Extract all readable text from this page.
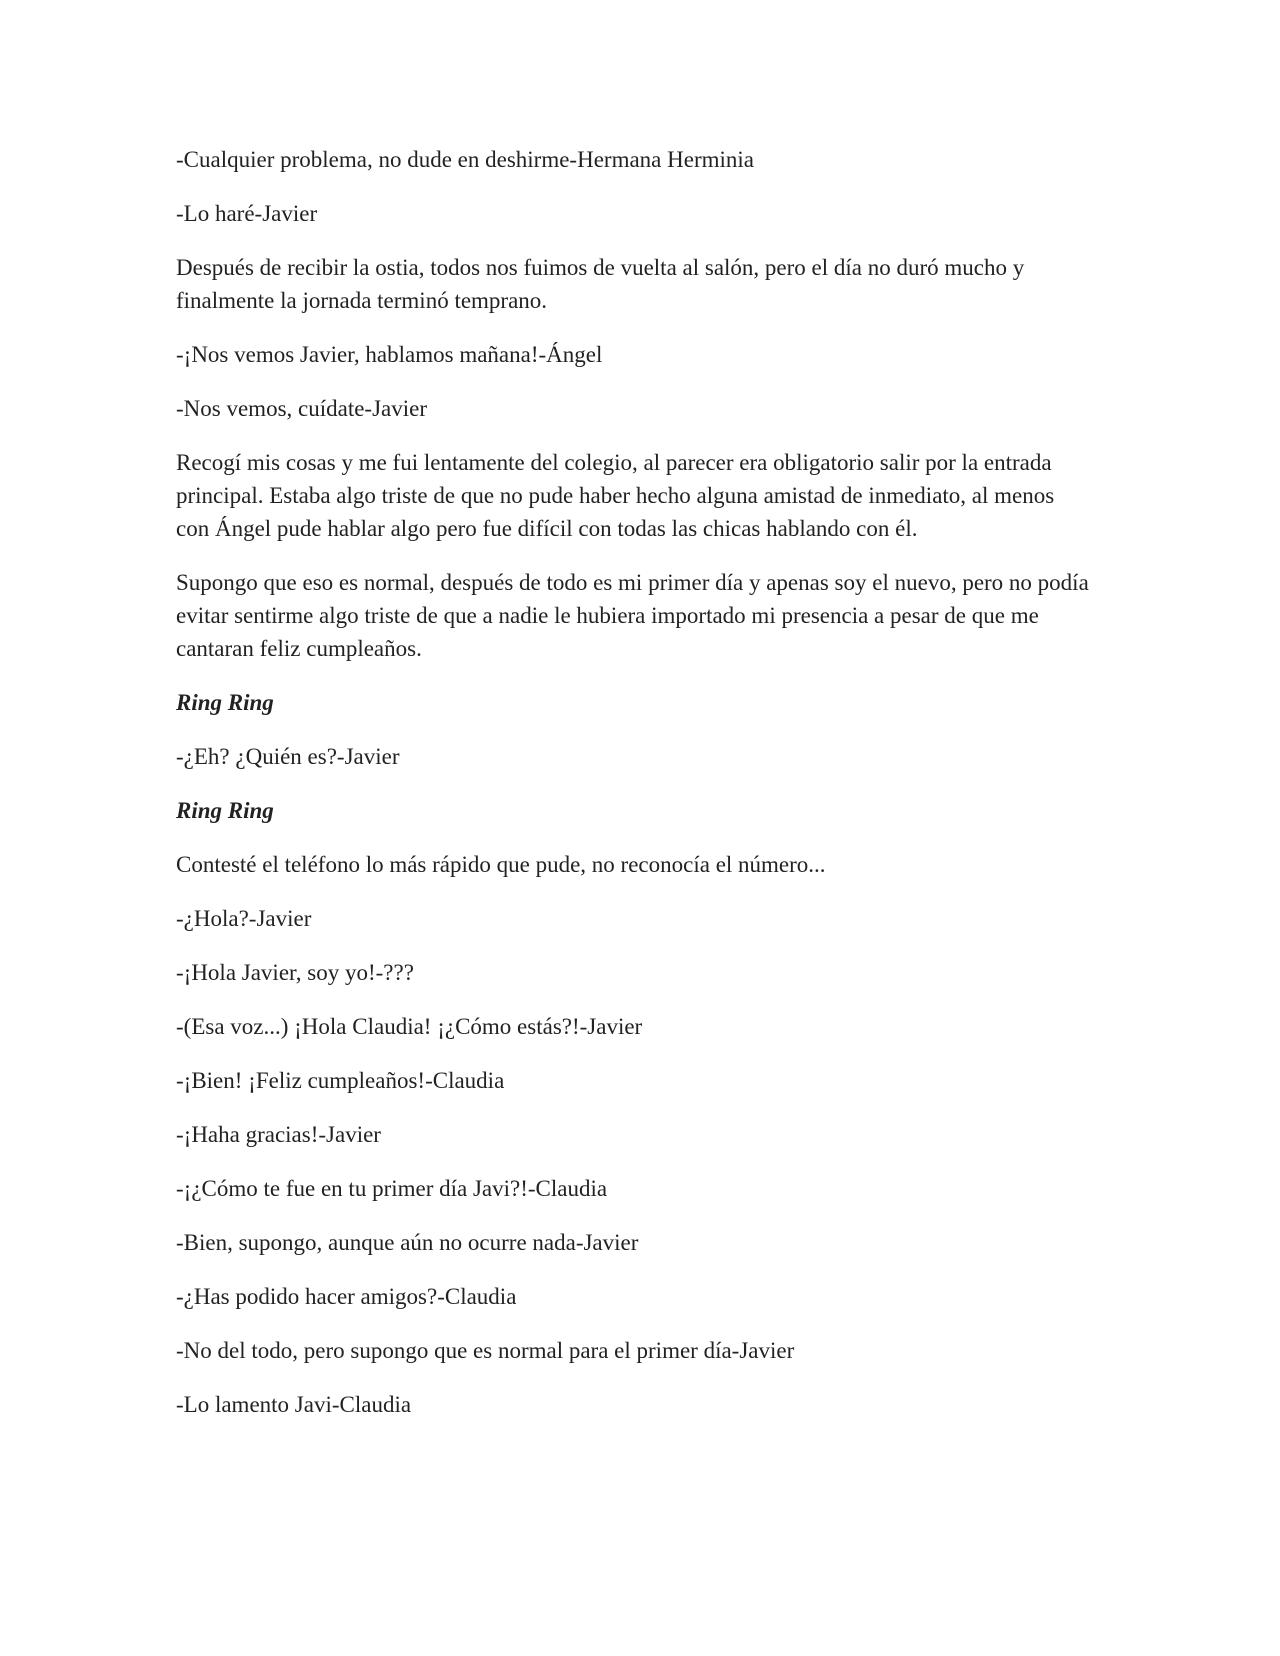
-Cualquier problema, no dude en deshirme-Hermana Herminia

-Lo haré-Javier

Después de recibir la ostia, todos nos fuimos de vuelta al salón, pero el día no duró mucho y finalmente la jornada terminó temprano.

-¡Nos vemos Javier, hablamos mañana!-Ángel

-Nos vemos, cuídate-Javier

Recogí mis cosas y me fui lentamente del colegio, al parecer era obligatorio salir por la entrada principal. Estaba algo triste de que no pude haber hecho alguna amistad de inmediato, al menos con Ángel pude hablar algo pero fue difícil con todas las chicas hablando con él.

Supongo que eso es normal, después de todo es mi primer día y apenas soy el nuevo, pero no podía evitar sentirme algo triste de que a nadie le hubiera importado mi presencia a pesar de que me cantaran feliz cumpleaños.

Ring Ring

-¿Eh? ¿Quién es?-Javier

Ring Ring

Contesté el teléfono lo más rápido que pude, no reconocía el número...

-¿Hola?-Javier

-¡Hola Javier, soy yo!-???

-(Esa voz...) ¡Hola Claudia! ¡¿Cómo estás?!-Javier

-¡Bien! ¡Feliz cumpleaños!-Claudia

-¡Haha gracias!-Javier

-¡¿Cómo te fue en tu primer día Javi?!-Claudia

-Bien, supongo, aunque aún no ocurre nada-Javier

-¿Has podido hacer amigos?-Claudia

-No del todo, pero supongo que es normal para el primer día-Javier

-Lo lamento Javi-Claudia
